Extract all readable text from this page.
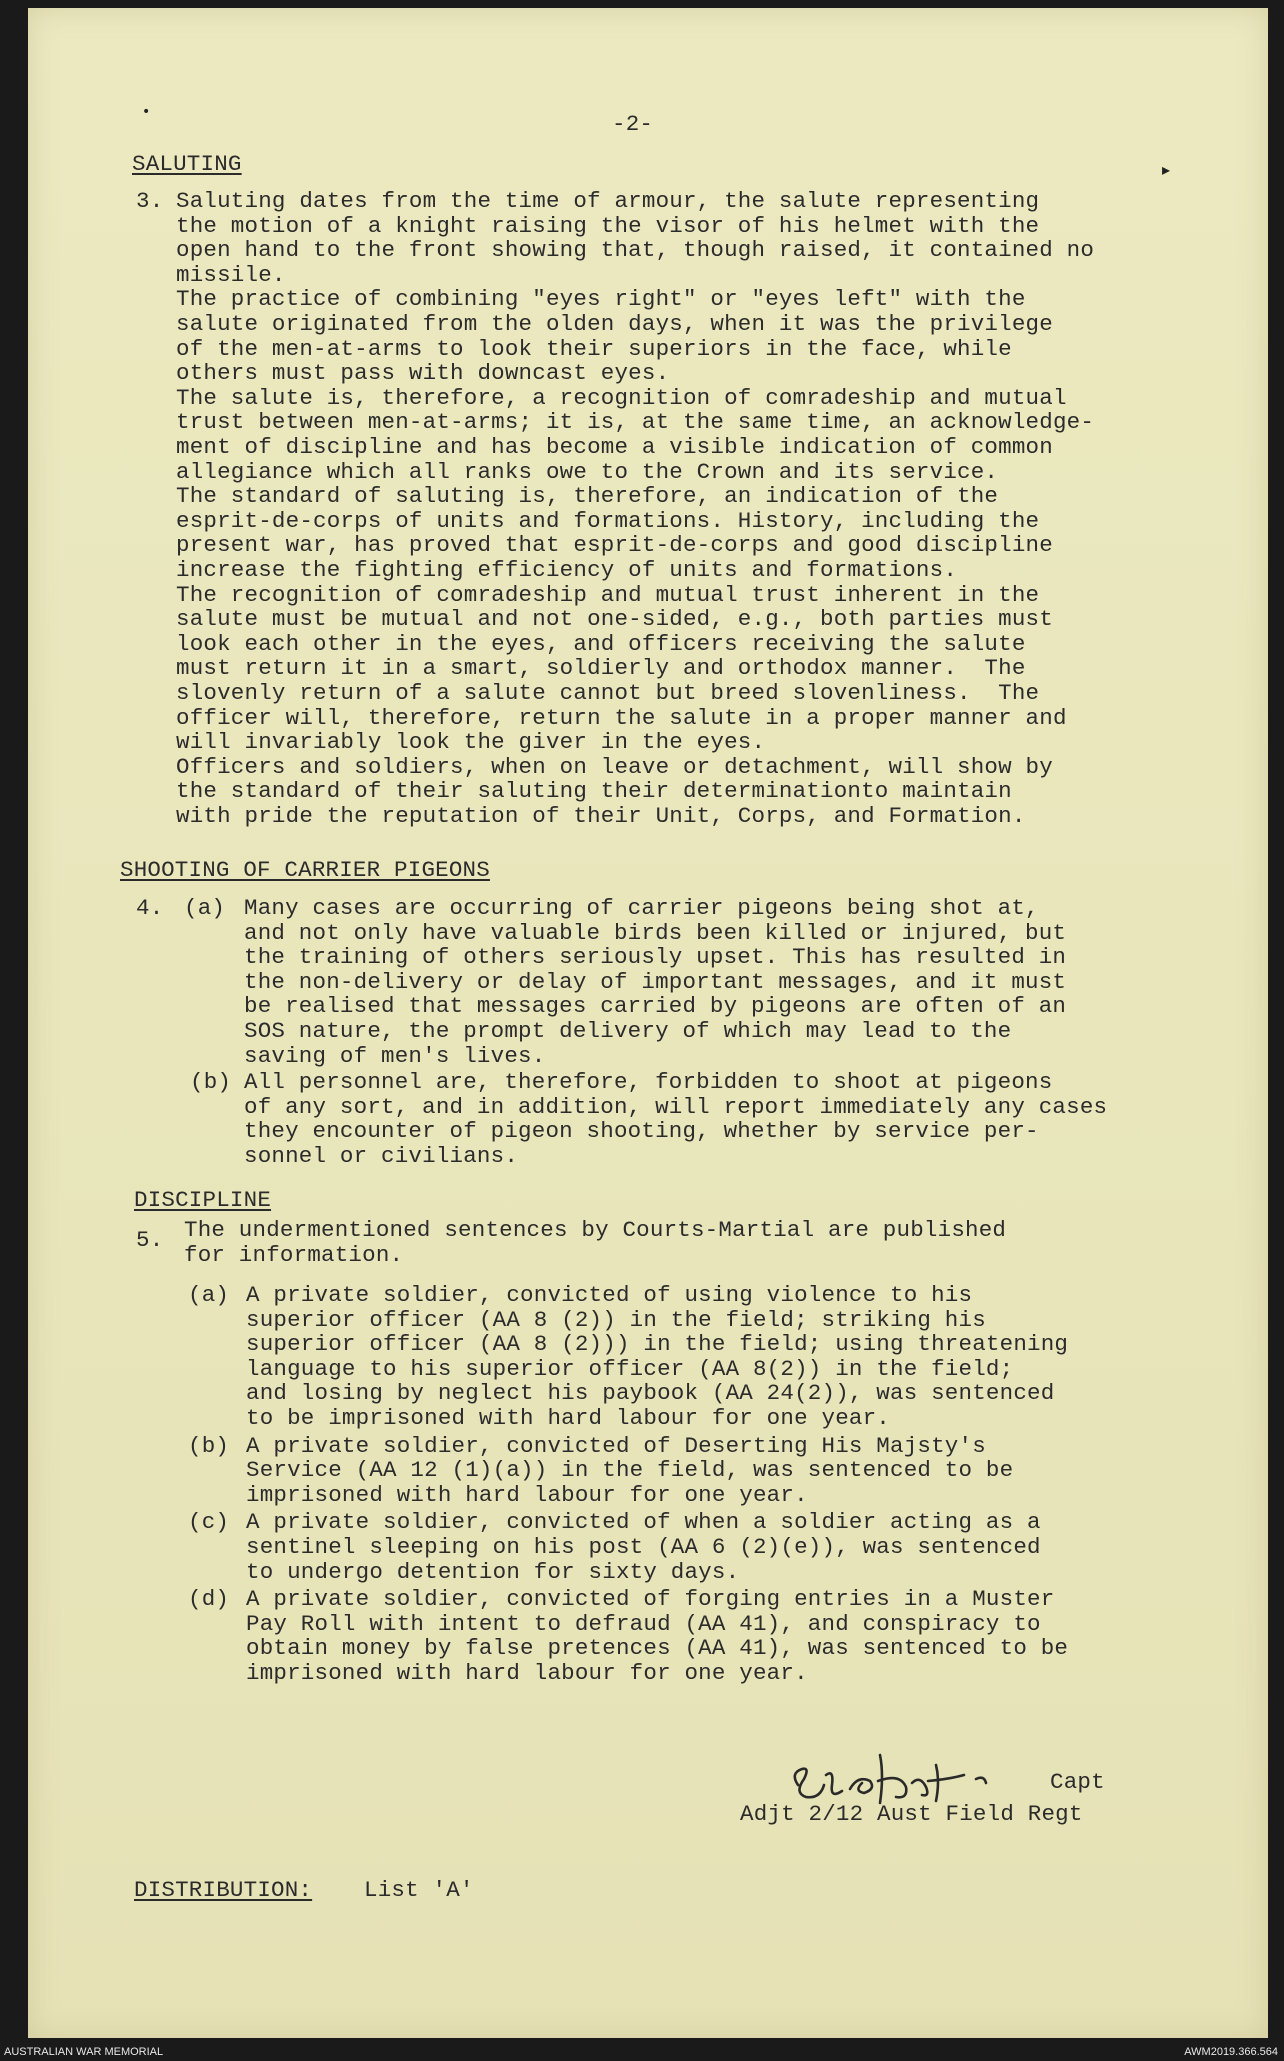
•
▸
-2-
SALUTING
3. Saluting dates from the time of armour, the salute representing
the motion of a knight raising the visor of his helmet with the
open hand to the front showing that, though raised, it contained no
missile.
The practice of combining "eyes right" or "eyes left" with the
salute originated from the olden days, when it was the privilege
of the men-at-arms to look their superiors in the face, while
others must pass with downcast eyes.
The salute is, therefore, a recognition of comradeship and mutual
trust between men-at-arms; it is, at the same time, an acknowledge-
ment of discipline and has become a visible indication of common
allegiance which all ranks owe to the Crown and its service.
The standard of saluting is, therefore, an indication of the
esprit-de-corps of units and formations. History, including the
present war, has proved that esprit-de-corps and good discipline
increase the fighting efficiency of units and formations.
The recognition of comradeship and mutual trust inherent in the
salute must be mutual and not one-sided, e.g., both parties must
look each other in the eyes, and officers receiving the salute
must return it in a smart, soldierly and orthodox manner.  The
slovenly return of a salute cannot but breed slovenliness.  The
officer will, therefore, return the salute in a proper manner and
will invariably look the giver in the eyes.
Officers and soldiers, when on leave or detachment, will show by
the standard of their saluting their determinationto maintain
with pride the reputation of their Unit, Corps, and Formation.
SHOOTING OF CARRIER PIGEONS
4. (a) Many cases are occurring of carrier pigeons being shot at,
and not only have valuable birds been killed or injured, but
the training of others seriously upset. This has resulted in
the non-delivery or delay of important messages, and it must
be realised that messages carried by pigeons are often of an
SOS nature, the prompt delivery of which may lead to the
saving of men's lives.
(b) All personnel are, therefore, forbidden to shoot at pigeons
of any sort, and in addition, will report immediately any cases
they encounter of pigeon shooting, whether by service per-
sonnel or civilians.
DISCIPLINE
5. The undermentioned sentences by Courts-Martial are published
for information.
(a) A private soldier, convicted of using violence to his
superior officer (AA 8 (2)) in the field; striking his
superior officer (AA 8 (2))) in the field; using threatening
language to his superior officer (AA 8(2)) in the field;
and losing by neglect his paybook (AA 24(2)), was sentenced
to be imprisoned with hard labour for one year.
(b) A private soldier, convicted of Deserting His Majsty's
Service (AA 12 (1)(a)) in the field, was sentenced to be
imprisoned with hard labour for one year.
(c) A private soldier, convicted of when a soldier acting as a
sentinel sleeping on his post (AA 6 (2)(e)), was sentenced
to undergo detention for sixty days.
(d) A private soldier, convicted of forging entries in a Muster
Pay Roll with intent to defraud (AA 41), and conspiracy to
obtain money by false pretences (AA 41), was sentenced to be
imprisoned with hard labour for one year.
Capt
Adjt 2/12 Aust Field Regt
DISTRIBUTION: List 'A'
AUSTRALIAN WAR MEMORIAL	AWM2019.366.564
